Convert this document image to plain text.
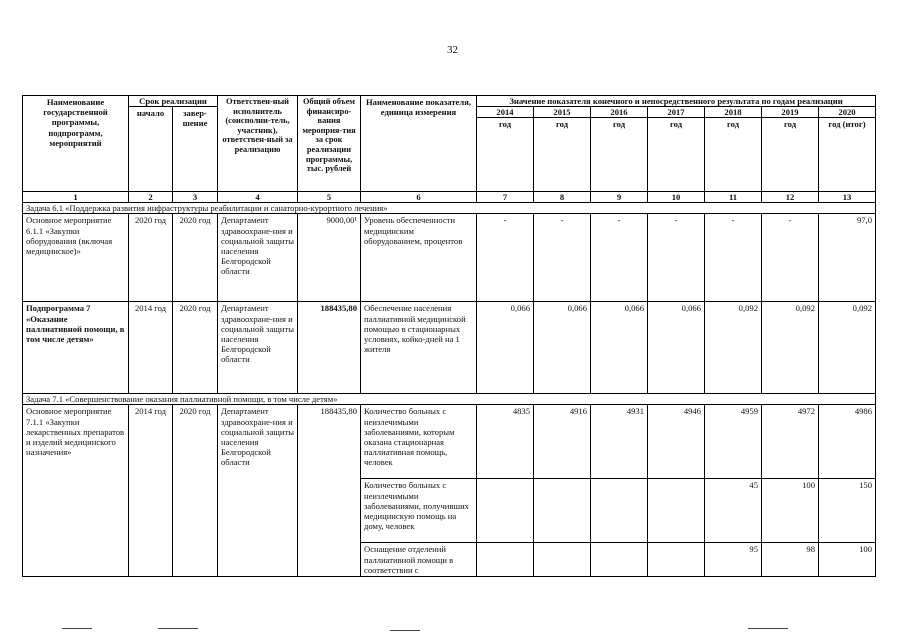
32
Наименование государственной программы, подпрограмм, мероприятий	Срок реализации		Ответствен-ный исполнитель (соисполни-тель, участник), ответствен-ный за реализацию	Общий объем финансиро-вания мероприя-тия за срок реализации программы, тыс. рублей	Наименование показателя, единица измерения	Значение показателя конечного и непосредственного результата по годам реализации						
	начало	завер-шение				2014	2015	2016	2017	2018	2019	2020
						год	год	год	год	год	год	год (итог)
1	2	3	4	5	6	7	8	9	10	11	12	13
Задача 6.1 «Поддержка развития инфраструктуры реабилитации и санаторно-курортного лечения»												
Основное мероприятие 6.1.1 «Закупки оборудования (включая медицинское)»	2020 год	2020 год	Департамент здравоохране-ния и социальной защиты населения Белгородской области	9000,00¹	Уровень обеспеченности медицинским оборудованием, процентов	-	-	-	-	-	-	97,0
Подпрограмма 7 «Оказание паллиативной помощи, в том числе детям»	2014 год	2020 год	Департамент здравоохране-ния и социальной защиты населения Белгородской области	188435,80	Обеспечение населения паллиативной медицинской помощью в стационарных условиях, койко-дней на 1 жителя	0,066	0,066	0,066	0,066	0,092	0,092	0,092
Задача 7.1 «Совершенствование оказания паллиативной помощи, в том числе детям»												
Основное мероприятие 7.1.1 «Закупки лекарственных препаратов и изделий медицинского назначения»	2014 год	2020 год	Департамент здравоохране-ния и социальной защиты населения Белгородской области	188435,80	Количество больных с неизлечимыми заболеваниями, которым оказана стационарная паллиативная помощь, человек	4835	4916	4931	4946	4959	4972	4986
					Количество больных с неизлечимыми заболеваниями, получивших медицинскую помощь на дому, человек					45	100	150
					Оснащение отделений паллиативной помощи в соответствии с					95	98	100
